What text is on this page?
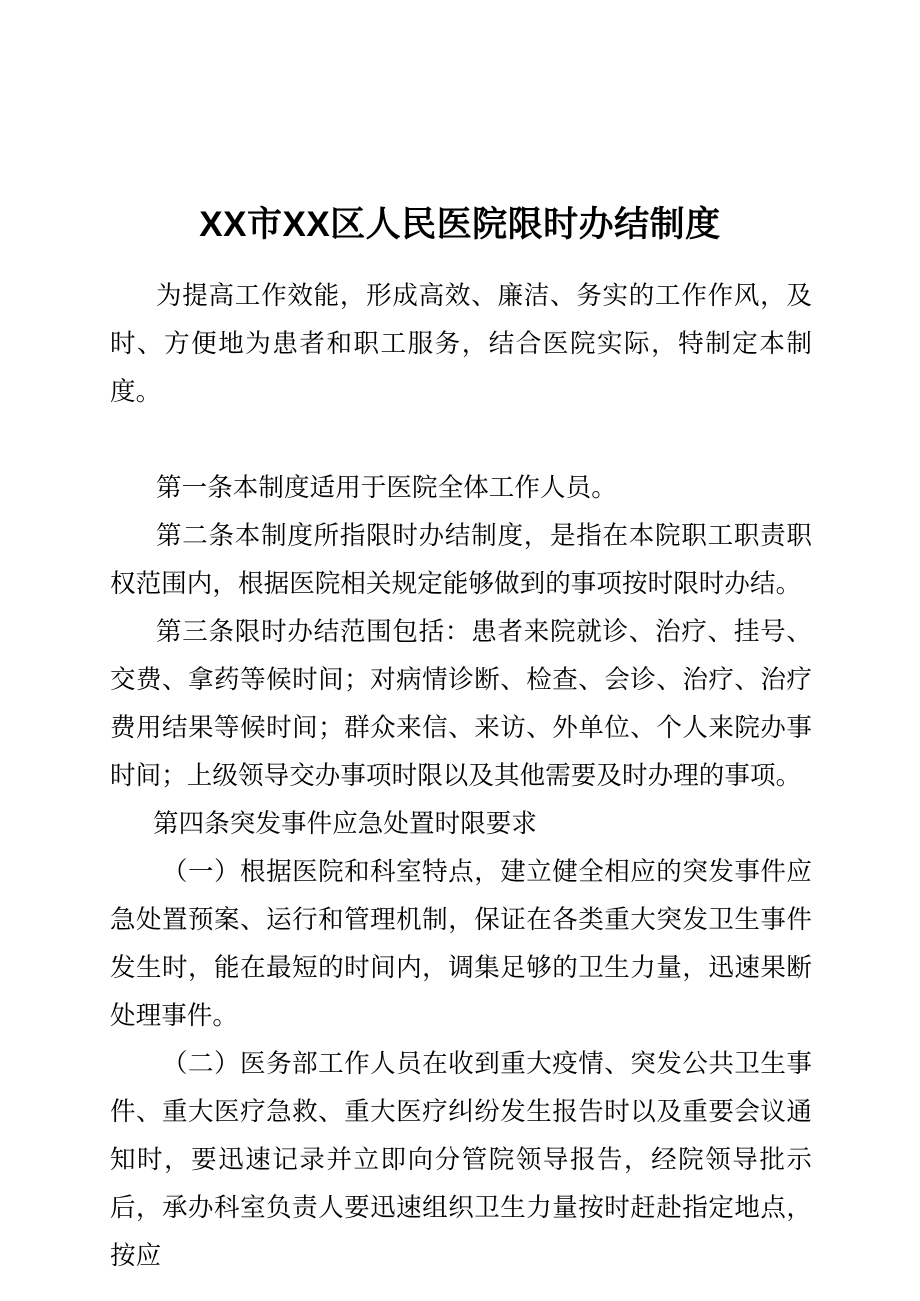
XX市XX区人民医院限时办结制度

为提高工作效能，形成高效、廉洁、务实的工作作风，及时、方便地为患者和职工服务，结合医院实际，特制定本制度。

第一条本制度适用于医院全体工作人员。

第二条本制度所指限时办结制度，是指在本院职工职责职权范围内，根据医院相关规定能够做到的事项按时限时办结。

第三条限时办结范围包括：患者来院就诊、治疗、挂号、交费、拿药等候时间；对病情诊断、检查、会诊、治疗、治疗费用结果等候时间；群众来信、来访、外单位、个人来院办事时间；上级领导交办事项时限以及其他需要及时办理的事项。

第四条突发事件应急处置时限要求

（一）根据医院和科室特点，建立健全相应的突发事件应急处置预案、运行和管理机制，保证在各类重大突发卫生事件发生时，能在最短的时间内，调集足够的卫生力量，迅速果断处理事件。

（二）医务部工作人员在收到重大疫情、突发公共卫生事件、重大医疗急救、重大医疗纠纷发生报告时以及重要会议通知时，要迅速记录并立即向分管院领导报告，经院领导批示后，承办科室负责人要迅速组织卫生力量按时赶赴指定地点，按应
